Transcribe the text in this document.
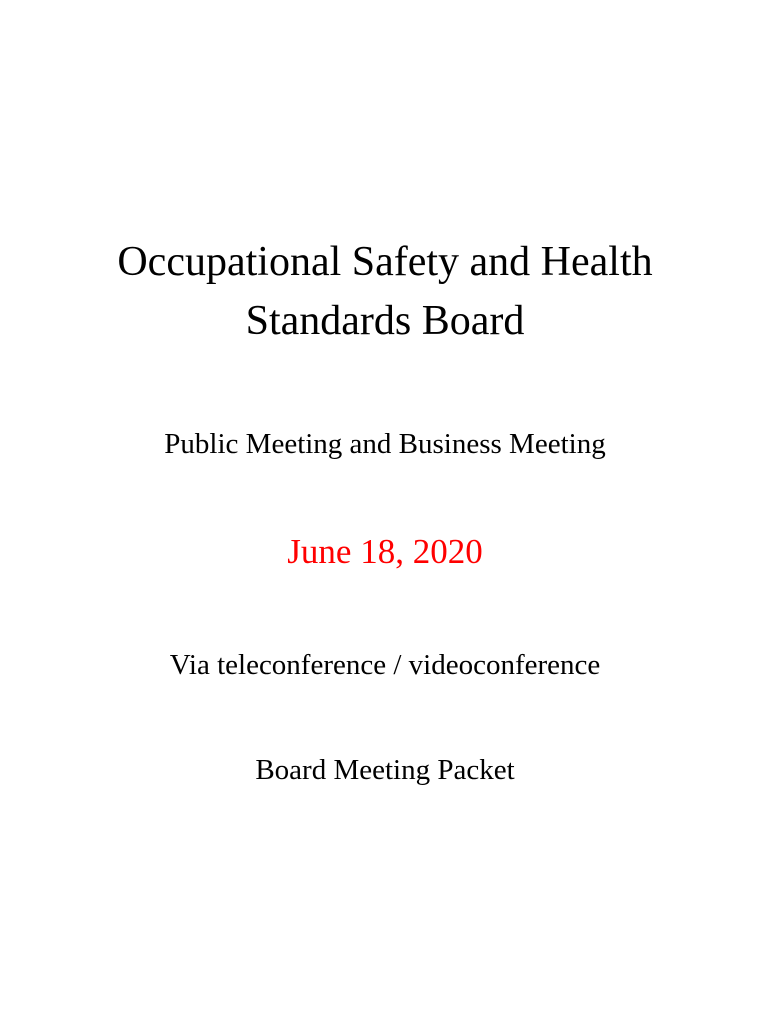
Occupational Safety and Health
Standards Board
Public Meeting and Business Meeting
June 18, 2020
Via teleconference / videoconference
Board Meeting Packet
